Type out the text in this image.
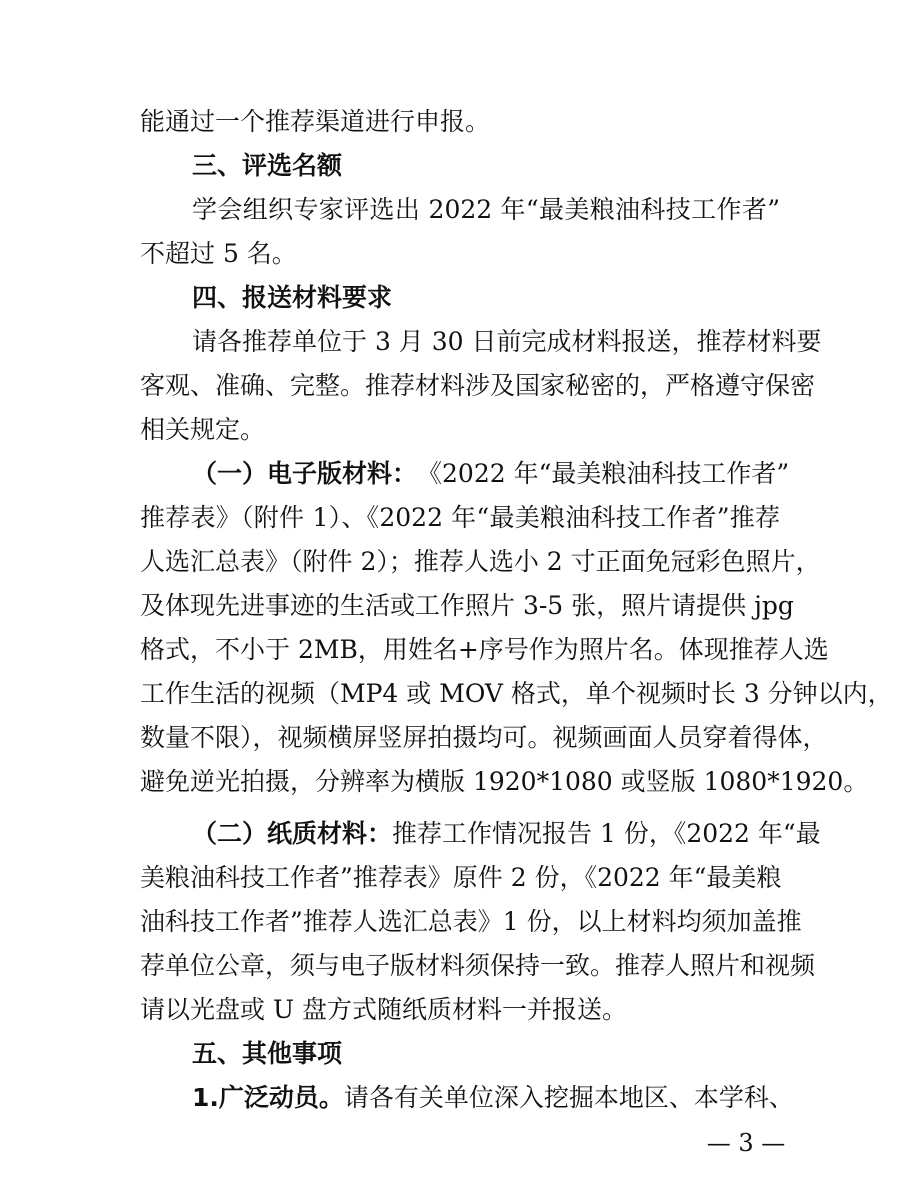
能通过一个推荐渠道进行申报。
三、评选名额
学会组织专家评选出 2022 年“最美粮油科技工作者”
不超过 5 名。
四、报送材料要求
请各推荐单位于 3 月 30 日前完成材料报送，推荐材料要
客观、准确、完整。推荐材料涉及国家秘密的，严格遵守保密
相关规定。
（一）电子版材料： 《2022 年“最美粮油科技工作者”
推荐表》（附件 1）、《2022 年“最美粮油科技工作者”推荐
人选汇总表》（附件 2）；推荐人选小 2 寸正面免冠彩色照片，
及体现先进事迹的生活或工作照片 3-5 张，照片请提供 jpg
格式，不小于 2MB，用姓名+序号作为照片名。体现推荐人选
工作生活的视频（MP4 或 MOV 格式，单个视频时长 3 分钟以内，
数量不限），视频横屏竖屏拍摄均可。视频画面人员穿着得体，
避免逆光拍摄，分辨率为横版 1920*1080 或竖版 1080*1920。
（二）纸质材料： 推荐工作情况报告 1 份，《2022 年“最
美粮油科技工作者”推荐表》原件 2 份，《2022 年“最美粮
油科技工作者”推荐人选汇总表》1 份，以上材料均须加盖推
荐单位公章，须与电子版材料须保持一致。推荐人照片和视频
请以光盘或 U 盘方式随纸质材料一并报送。
五、其他事项
1.广泛动员。 请各有关单位深入挖掘本地区、本学科、
— 3 —
